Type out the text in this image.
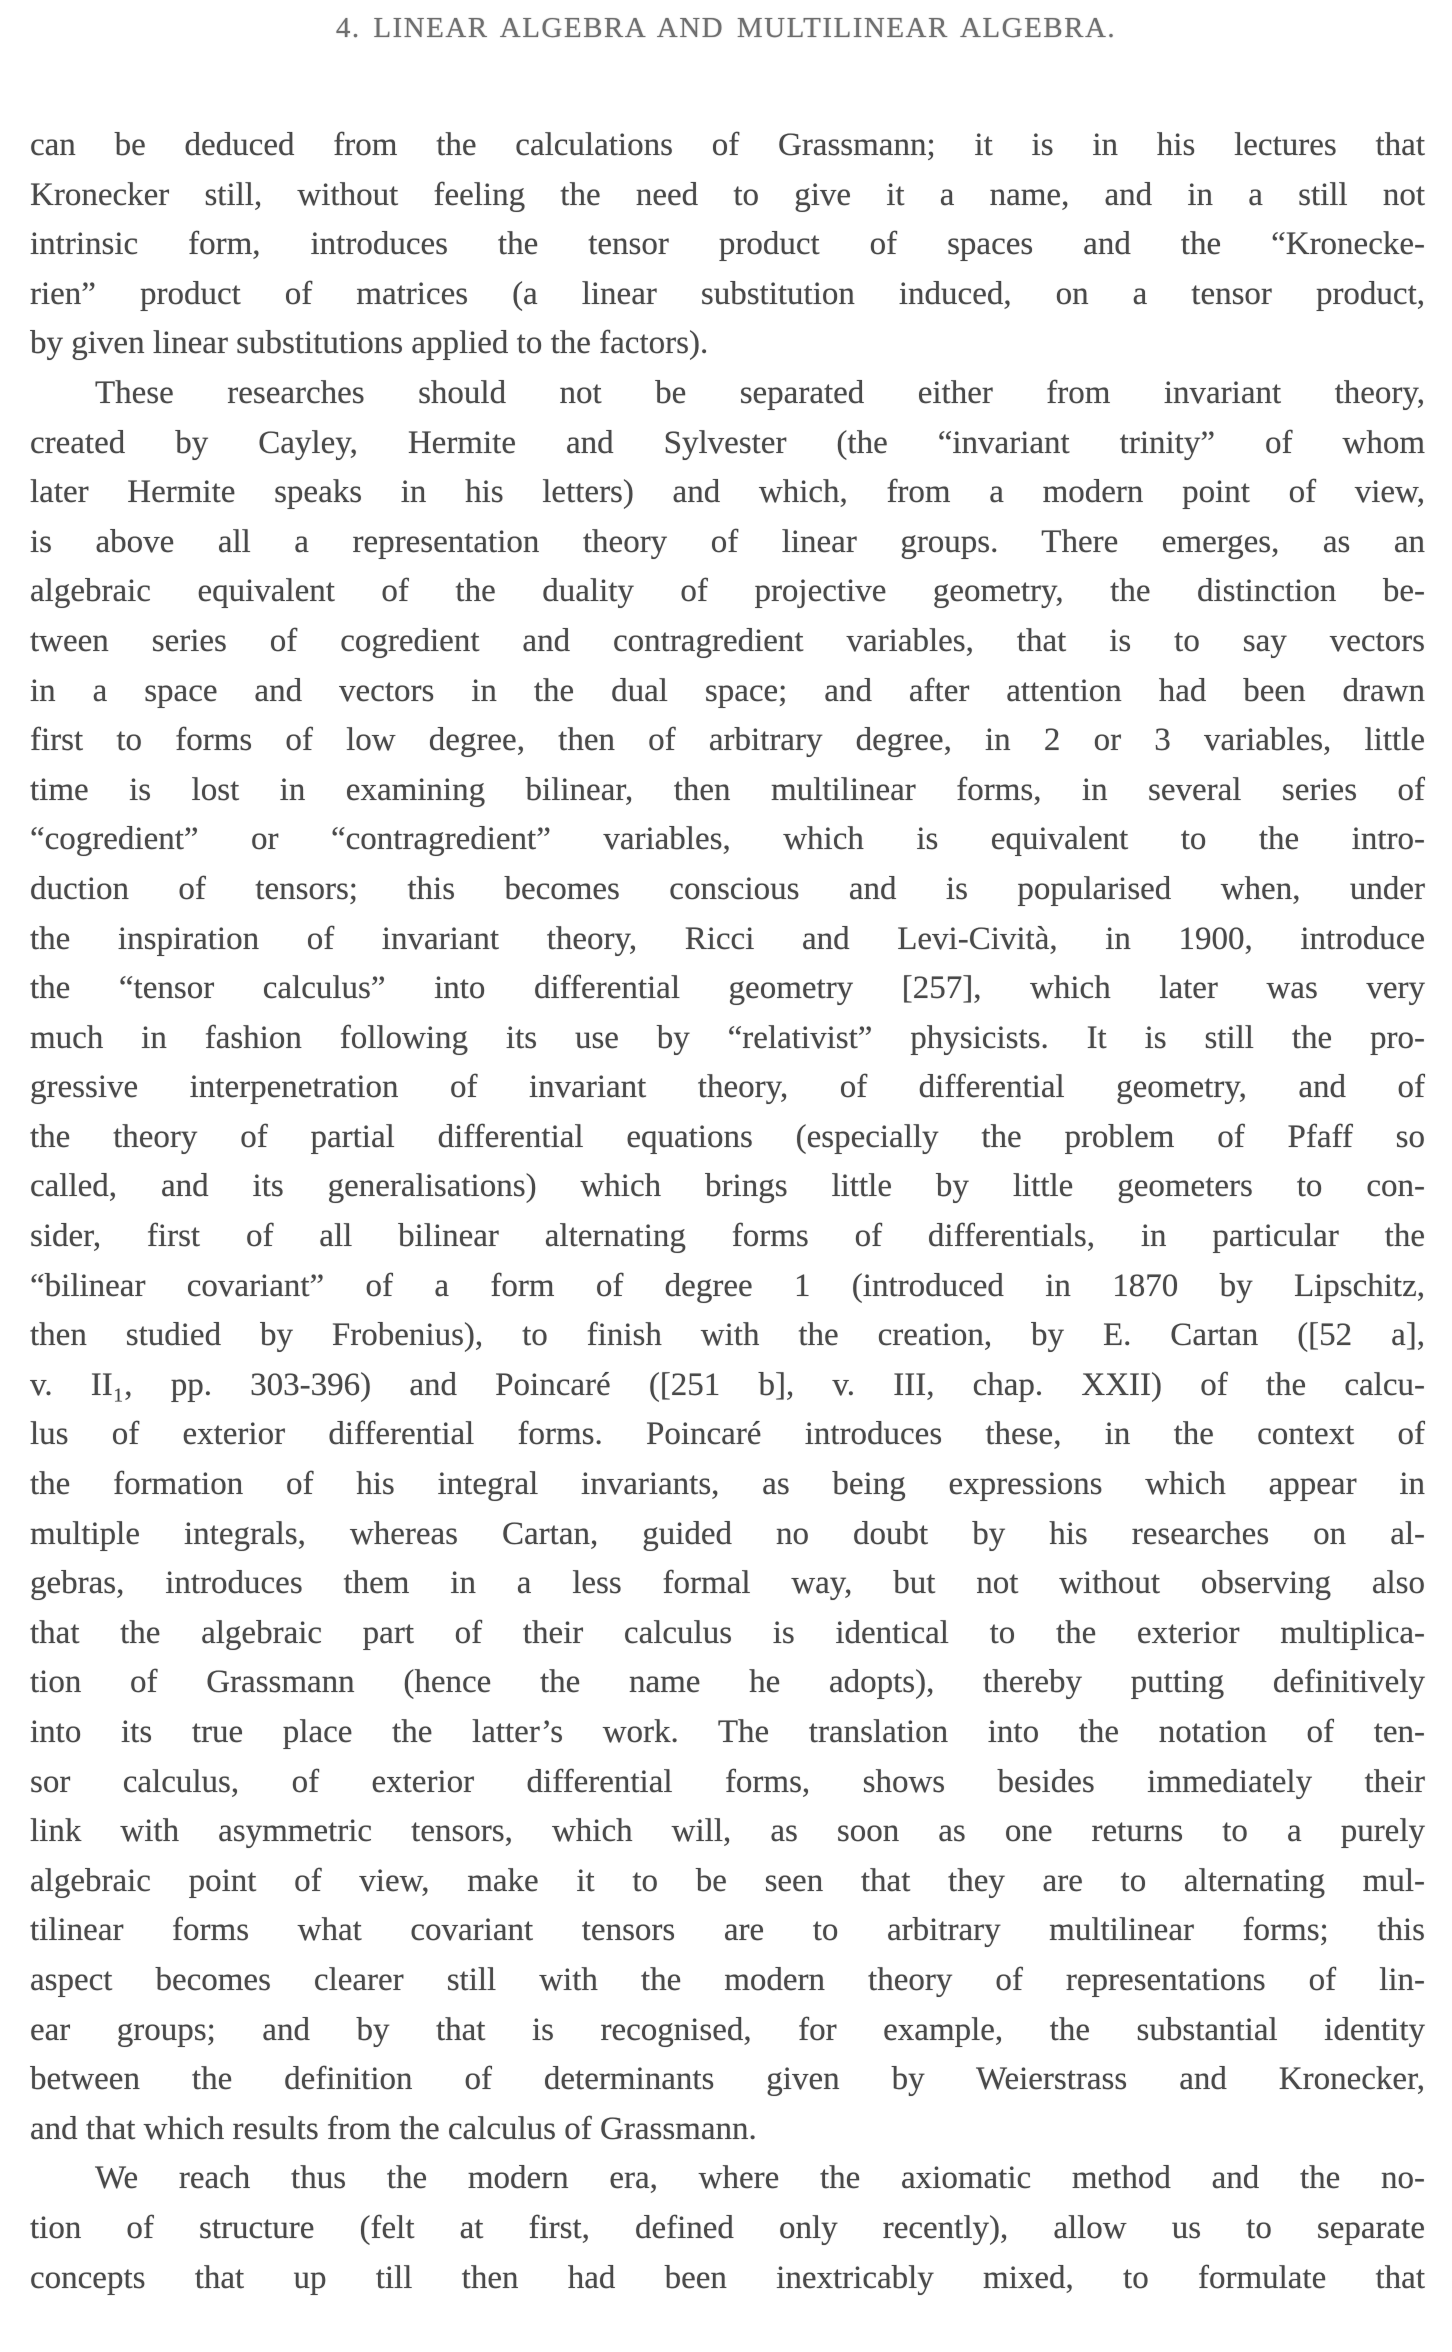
4. LINEAR ALGEBRA AND MULTILINEAR ALGEBRA.

can be deduced from the calculations of Grassmann; it is in his lectures that
Kronecker still, without feeling the need to give it a name, and in a still not
intrinsic form, introduces the tensor product of spaces and the “Kronecke-
rien” product of matrices (a linear substitution induced, on a tensor product,
by given linear substitutions applied to the factors).

These researches should not be separated either from invariant theory,
created by Cayley, Hermite and Sylvester (the “invariant trinity” of whom
later Hermite speaks in his letters) and which, from a modern point of view,
is above all a representation theory of linear groups. There emerges, as an
algebraic equivalent of the duality of projective geometry, the distinction be-
tween series of cogredient and contragredient variables, that is to say vectors
in a space and vectors in the dual space; and after attention had been drawn
first to forms of low degree, then of arbitrary degree, in 2 or 3 variables, little
time is lost in examining bilinear, then multilinear forms, in several series of
“cogredient” or “contragredient” variables, which is equivalent to the intro-
duction of tensors; this becomes conscious and is popularised when, under
the inspiration of invariant theory, Ricci and Levi-Cività, in 1900, introduce
the “tensor calculus” into differential geometry [257], which later was very
much in fashion following its use by “relativist” physicists. It is still the pro-
gressive interpenetration of invariant theory, of differential geometry, and of
the theory of partial differential equations (especially the problem of Pfaff so
called, and its generalisations) which brings little by little geometers to con-
sider, first of all bilinear alternating forms of differentials, in particular the
“bilinear covariant” of a form of degree 1 (introduced in 1870 by Lipschitz,
then studied by Frobenius), to finish with the creation, by E. Cartan ([52 a],
v. II₁, pp. 303-396) and Poincaré ([251 b], v. III, chap. XXII) of the calcu-
lus of exterior differential forms. Poincaré introduces these, in the context of
the formation of his integral invariants, as being expressions which appear in
multiple integrals, whereas Cartan, guided no doubt by his researches on al-
gebras, introduces them in a less formal way, but not without observing also
that the algebraic part of their calculus is identical to the exterior multiplica-
tion of Grassmann (hence the name he adopts), thereby putting definitively
into its true place the latter’s work. The translation into the notation of ten-
sor calculus, of exterior differential forms, shows besides immediately their
link with asymmetric tensors, which will, as soon as one returns to a purely
algebraic point of view, make it to be seen that they are to alternating mul-
tilinear forms what covariant tensors are to arbitrary multilinear forms; this
aspect becomes clearer still with the modern theory of representations of lin-
ear groups; and by that is recognised, for example, the substantial identity
between the definition of determinants given by Weierstrass and Kronecker,
and that which results from the calculus of Grassmann.

We reach thus the modern era, where the axiomatic method and the no-
tion of structure (felt at first, defined only recently), allow us to separate
concepts that up till then had been inextricably mixed, to formulate that
